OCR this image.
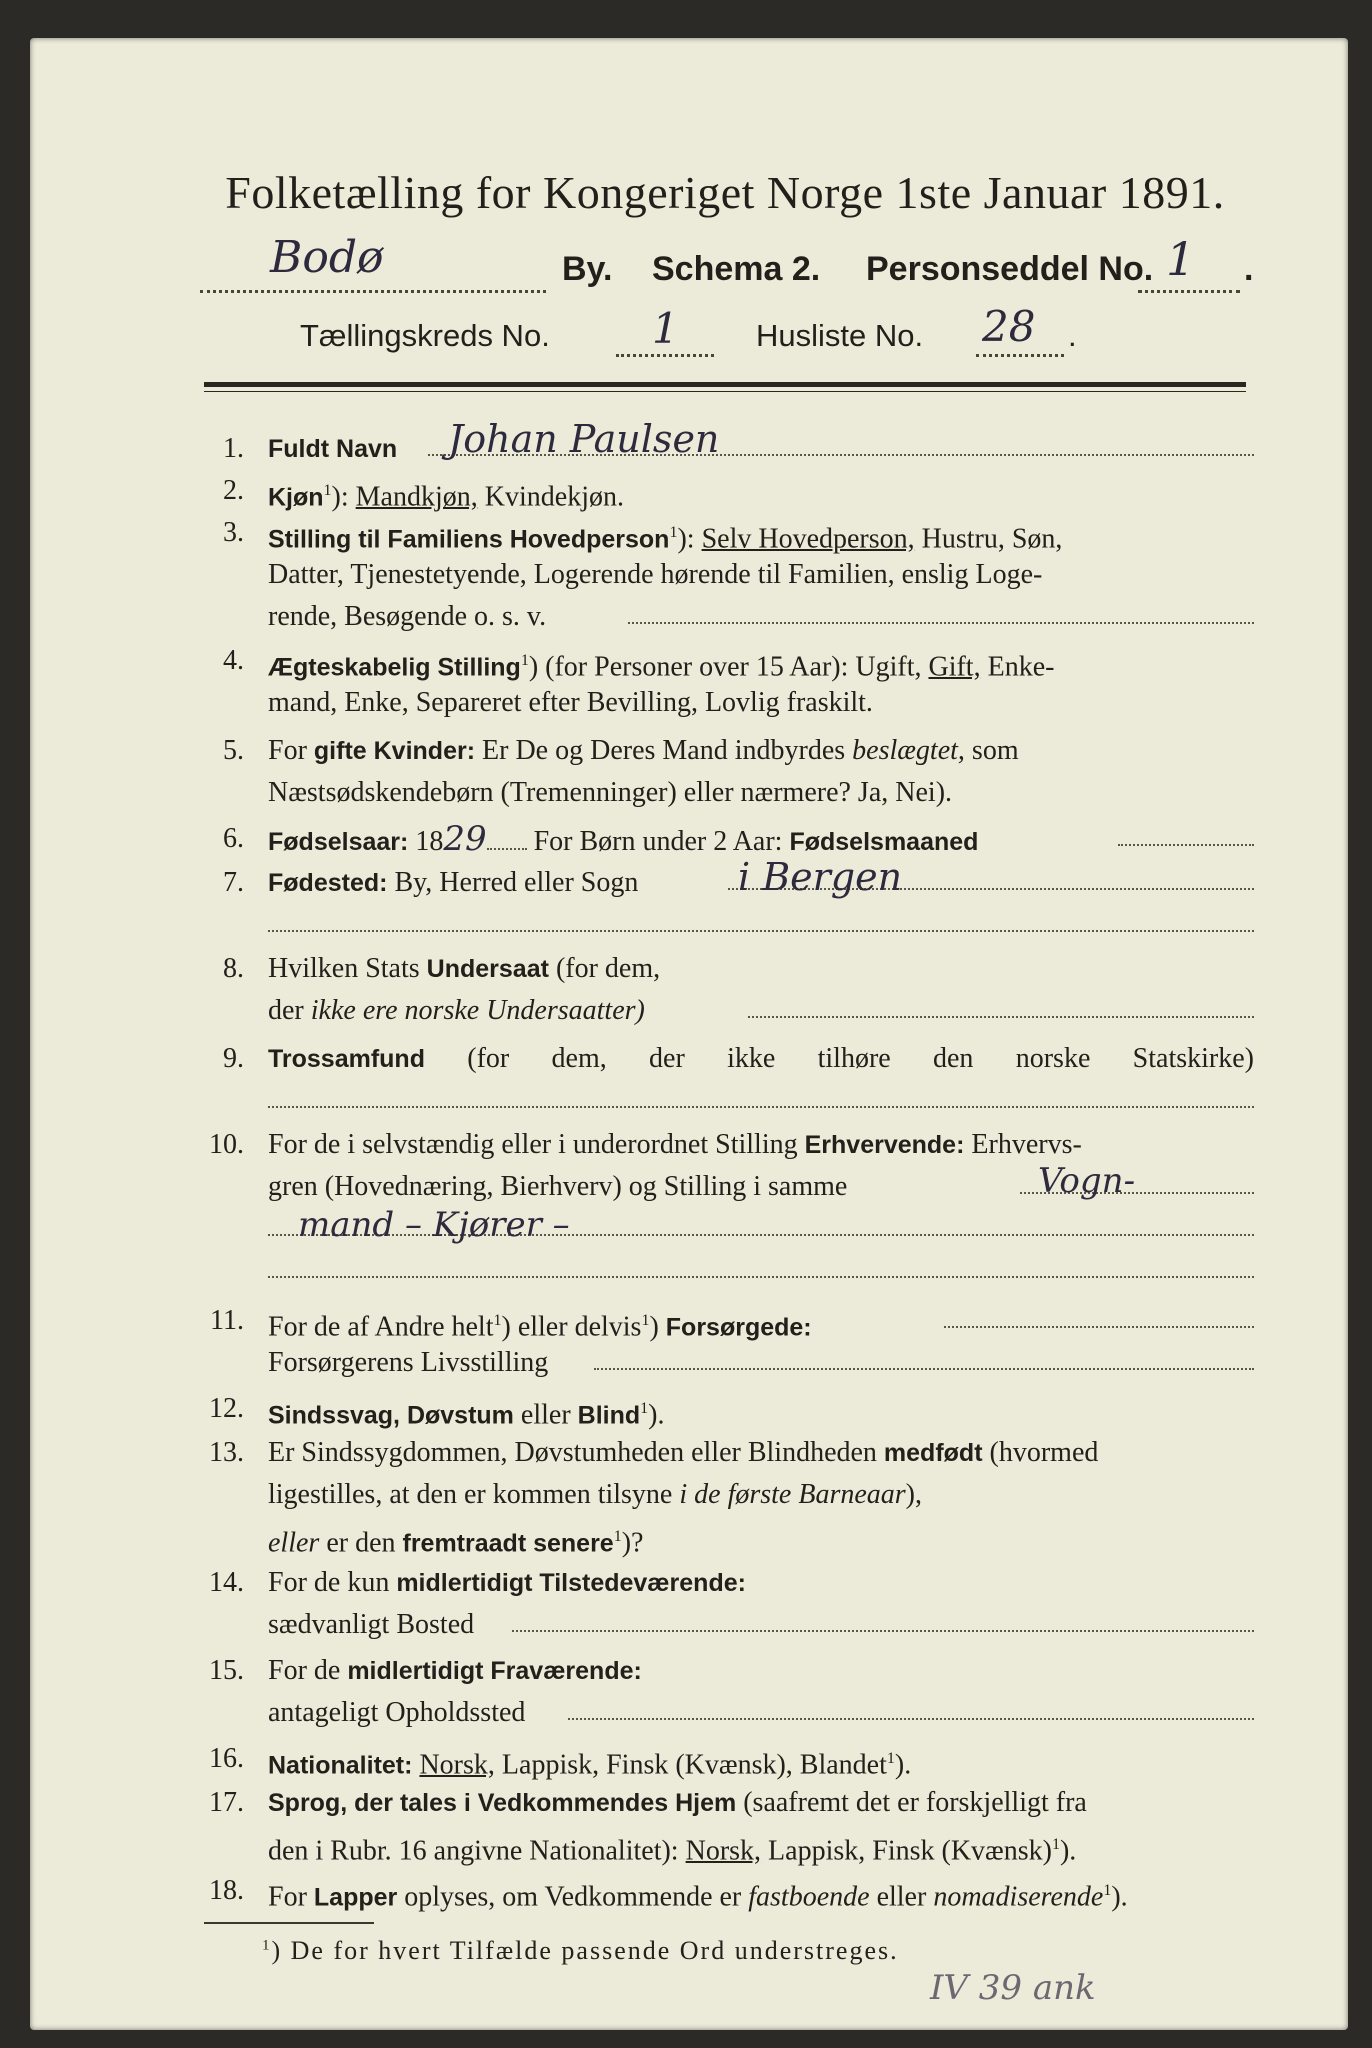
Folketælling for Kongeriget Norge 1ste Januar 1891.
Bodø	By. Schema 2. Personseddel No. 1 .
Tællingskreds No. 1 Husliste No. 28 .
1. Fuldt Navn Johan Paulsen
2. Kjøn$^1$): Mandkjøn, Kvindekjøn.
3. Stilling til Familiens Hovedperson$^1$): Selv Hovedperson, Hustru, Søn,
Datter, Tjenestetyende, Logerende hørende til Familien, enslig Loge-
rende, Besøgende o. s. v.
4. Ægteskabelig Stilling$^1$) (for Personer over 15 Aar): Ugift, Gift, Enke-
mand, Enke, Separeret efter Bevilling, Lovlig fraskilt.
5. For gifte Kvinder: Er De og Deres Mand indbyrdes beslægtet, som
Næstsødskendebørn (Tremenninger) eller nærmere? Ja, Nei).
6. Fødselsaar: 1829 For Børn under 2 Aar: Fødselsmaaned
7. Fødested: By, Herred eller Sogn	i Bergen
8. Hvilken Stats Undersaat (for dem,
der ikke ere norske Undersaatter)
9. Trossamfund (for dem, der ikke tilhøre den norske Statskirke)
10. For de i selvstændig eller i underordnet Stilling Erhvervende: Erhvervs-
gren (Hovednæring, Bierhverv) og Stilling i samme	Vogn-
mand – Kjører –
11. For de af Andre helt$^1$) eller delvis$^1$) Forsørgede:
Forsørgerens Livsstilling
12. Sindssvag, Døvstum eller Blind$^1$).
13. Er Sindssygdommen, Døvstumheden eller Blindheden medfødt (hvormed
ligestilles, at den er kommen tilsyne i de første Barneaar),
eller er den fremtraadt senere$^1$)?
14. For de kun midlertidigt Tilstedeværende:
sædvanligt Bosted
15. For de midlertidigt Fraværende:
antageligt Opholdssted
16. Nationalitet: Norsk, Lappisk, Finsk (Kvænsk), Blandet$^1$).
17. Sprog, der tales i Vedkommendes Hjem (saafremt det er forskjelligt fra
den i Rubr. 16 angivne Nationalitet): Norsk, Lappisk, Finsk (Kvænsk)$^1$).
18. For Lapper oplyses, om Vedkommende er fastboende eller nomadiserende$^1$).
$^1$) De for hvert Tilfælde passende Ord understreges.
IV 39 ank
